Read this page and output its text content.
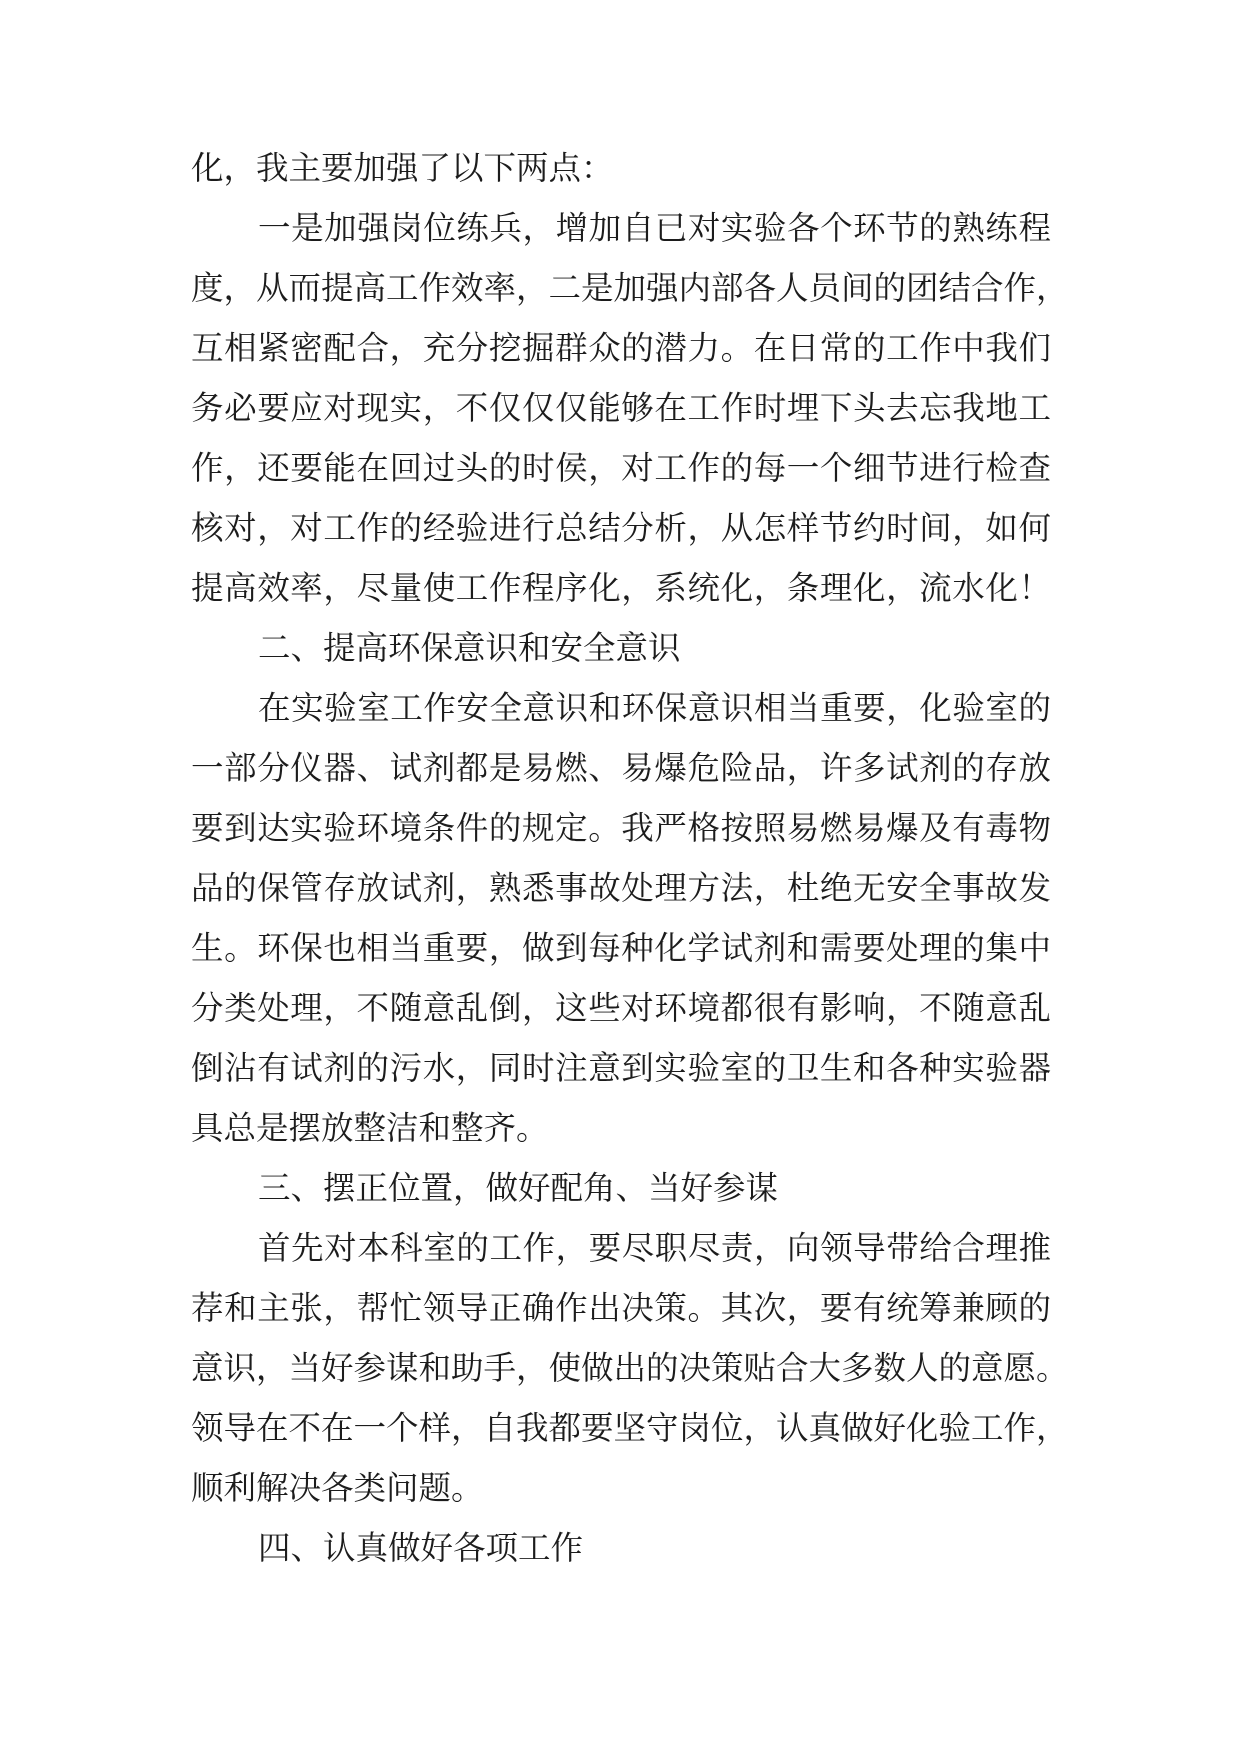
化，我主要加强了以下两点：

一是加强岗位练兵，增加自已对实验各个环节的熟练程

度，从而提高工作效率，二是加强内部各人员间的团结合作，

互相紧密配合，充分挖掘群众的潜力。在日常的工作中我们

务必要应对现实，不仅仅仅能够在工作时埋下头去忘我地工

作，还要能在回过头的时侯，对工作的每一个细节进行检查

核对，对工作的经验进行总结分析，从怎样节约时间，如何

提高效率，尽量使工作程序化，系统化，条理化，流水化！

二、提高环保意识和安全意识

在实验室工作安全意识和环保意识相当重要，化验室的

一部分仪器、试剂都是易燃、易爆危险品，许多试剂的存放

要到达实验环境条件的规定。我严格按照易燃易爆及有毒物

品的保管存放试剂，熟悉事故处理方法，杜绝无安全事故发

生。环保也相当重要，做到每种化学试剂和需要处理的集中

分类处理，不随意乱倒，这些对环境都很有影响，不随意乱

倒沾有试剂的污水，同时注意到实验室的卫生和各种实验器

具总是摆放整洁和整齐。

三、摆正位置，做好配角、当好参谋

首先对本科室的工作，要尽职尽责，向领导带给合理推

荐和主张，帮忙领导正确作出决策。其次，要有统筹兼顾的

意识，当好参谋和助手，使做出的决策贴合大多数人的意愿。

领导在不在一个样，自我都要坚守岗位，认真做好化验工作，

顺利解决各类问题。

四、认真做好各项工作
